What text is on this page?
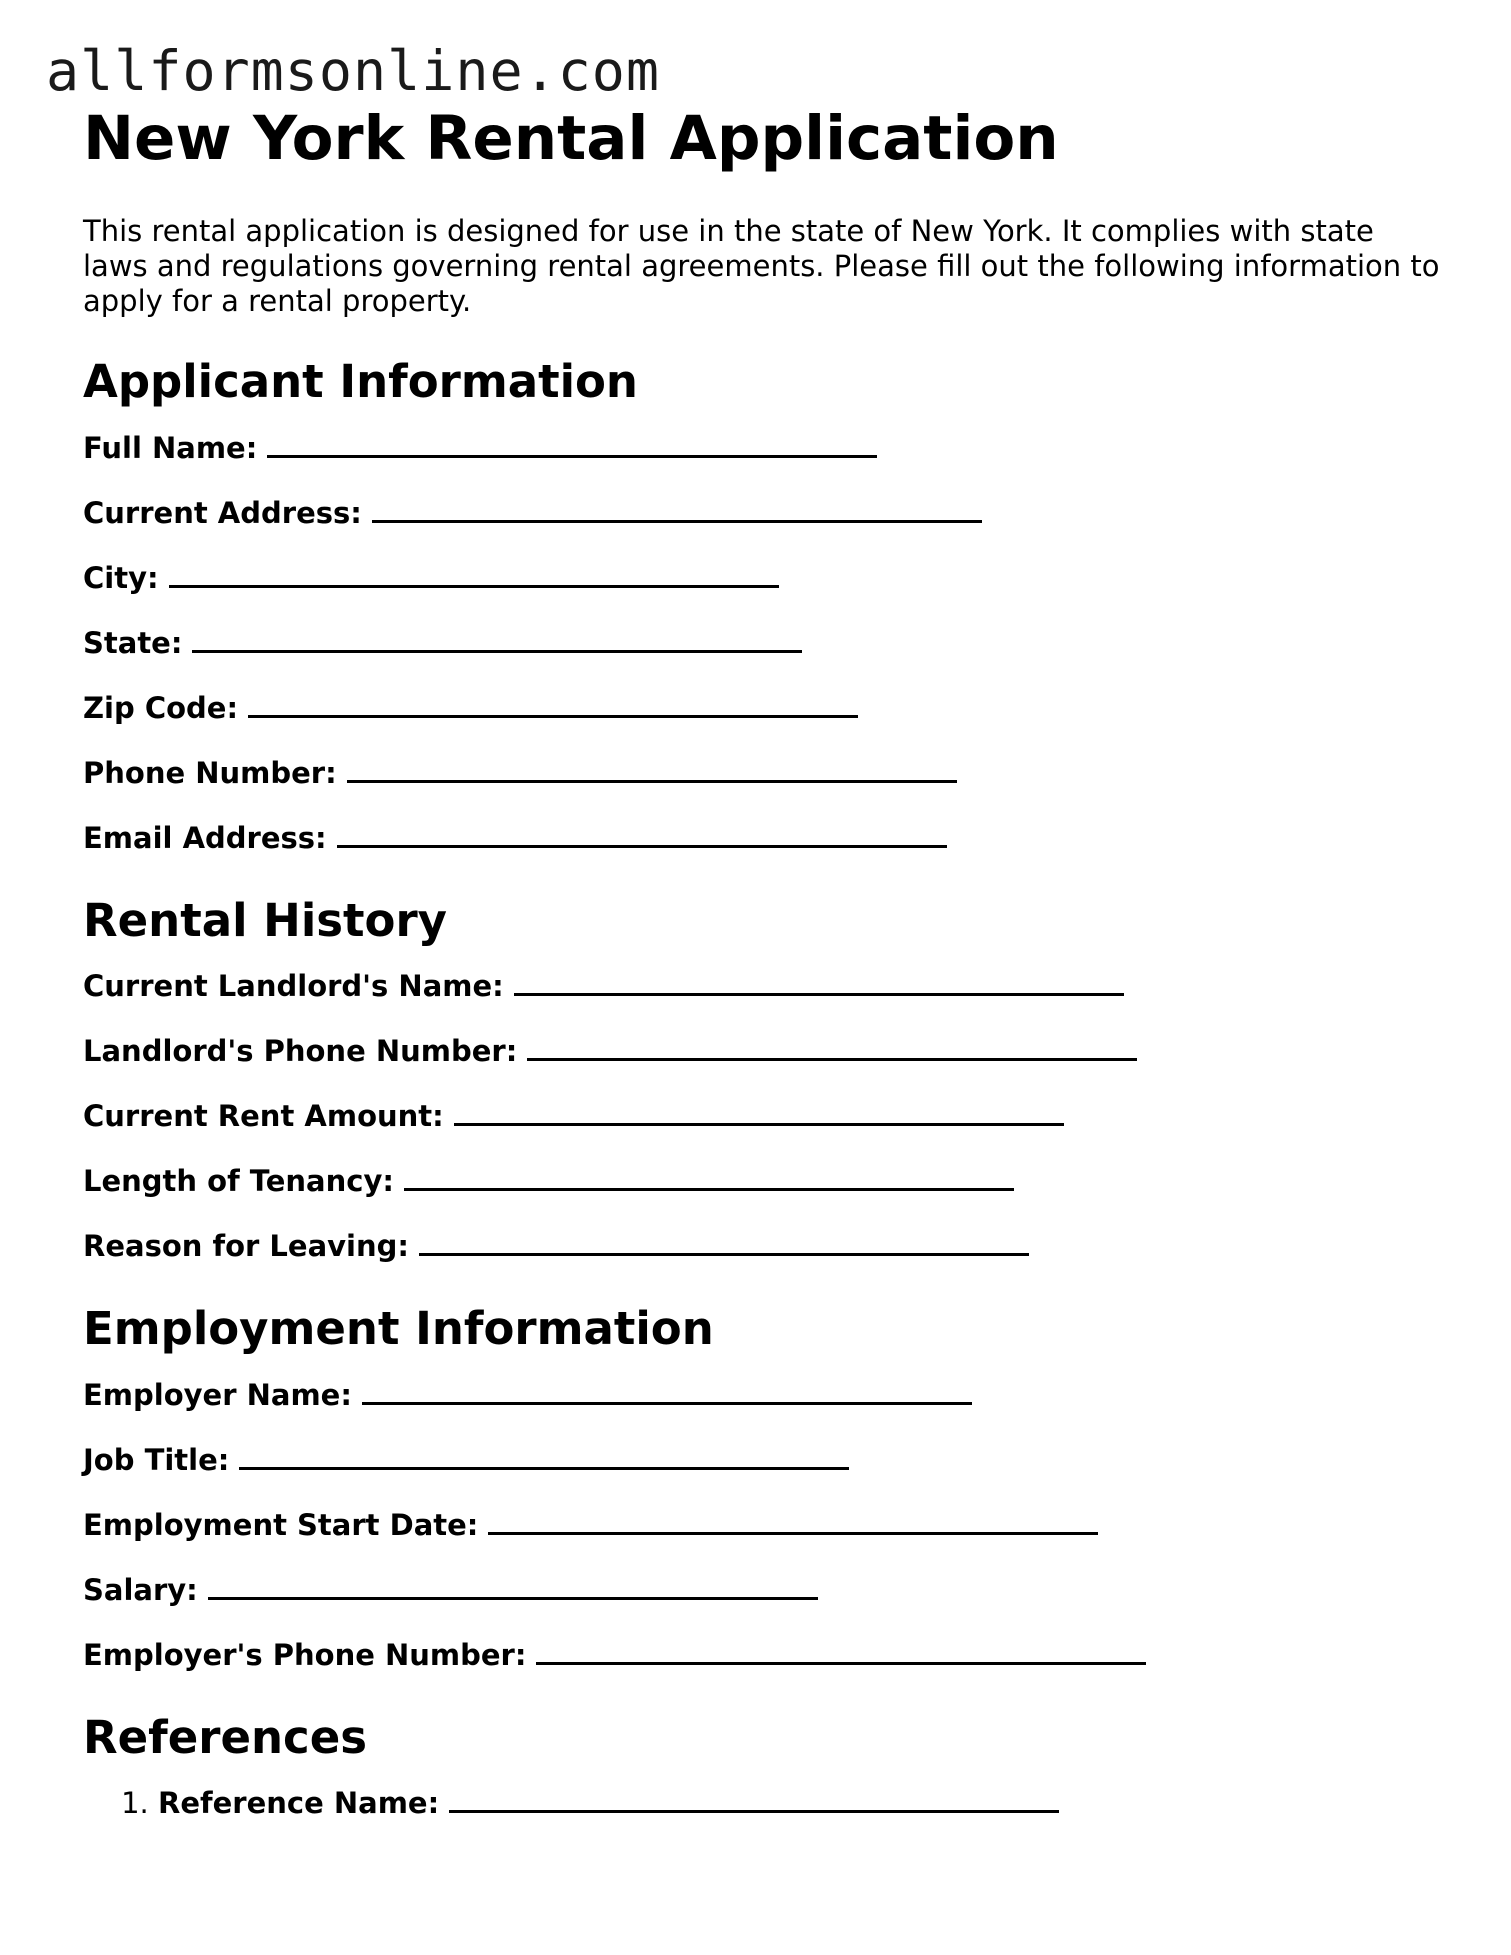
allformsonline.com
New York Rental Application

This rental application is designed for use in the state of New York. It complies with state laws and regulations governing rental agreements. Please fill out the following information to apply for a rental property.

Applicant Information
Full Name:
Current Address:
City:
State:
Zip Code:
Phone Number:
Email Address:
Rental History
Current Landlord's Name:
Landlord's Phone Number:
Current Rent Amount:
Length of Tenancy:
Reason for Leaving:
Employment Information
Employer Name:
Job Title:
Employment Start Date:
Salary:
Employer's Phone Number:
References
1. Reference Name:
